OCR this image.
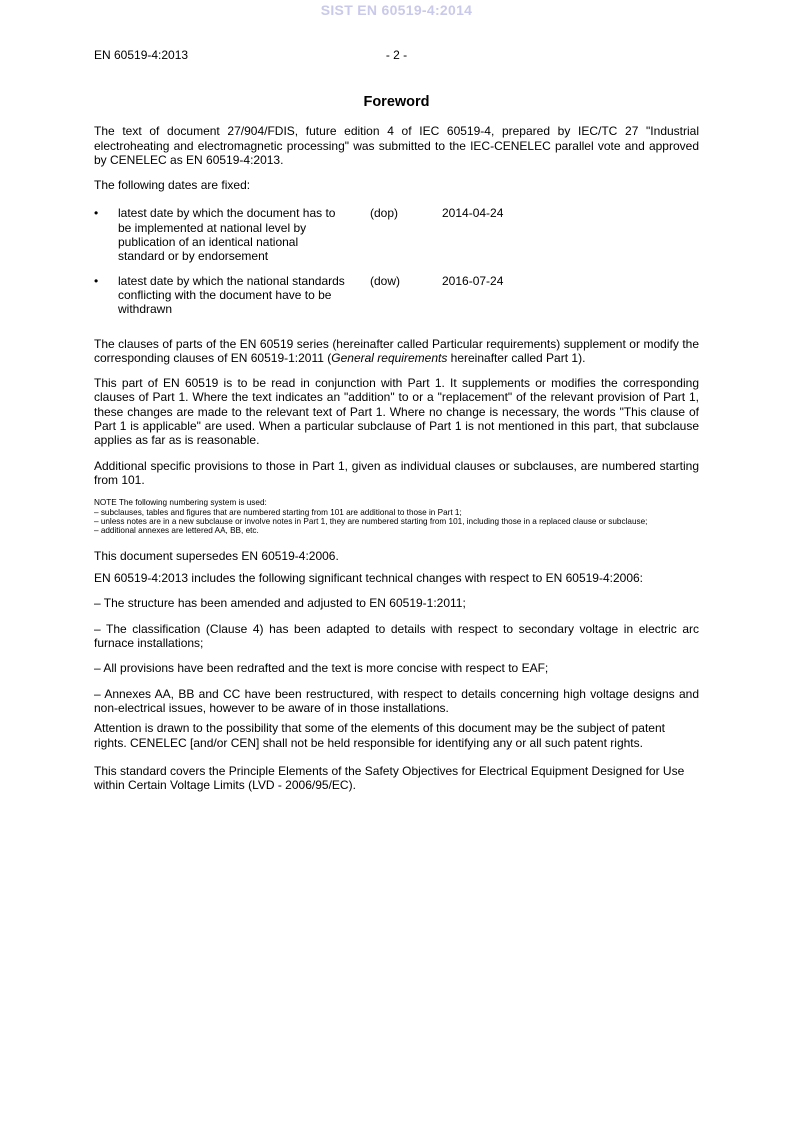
SIST EN 60519-4:2014
EN 60519-4:2013	- 2 -
Foreword

The text of document 27/904/FDIS, future edition 4 of IEC 60519-4, prepared by IEC/TC 27 "Industrial electroheating and electromagnetic processing" was submitted to the IEC-CENELEC parallel vote and approved by CENELEC as EN 60519-4:2013.

The following dates are fixed:

• latest date by which the document has to be implemented at national level by publication of an identical national standard or by endorsement
(dop)	2014-04-24
• latest date by which the national standards conflicting with the document have to be withdrawn
(dow)	2016-07-24

The clauses of parts of the EN 60519 series (hereinafter called Particular requirements) supplement or modify the corresponding clauses of EN 60519-1:2011 (General requirements hereinafter called Part 1).

This part of EN 60519 is to be read in conjunction with Part 1. It supplements or modifies the corresponding clauses of Part 1. Where the text indicates an "addition" to or a "replacement" of the relevant provision of Part 1, these changes are made to the relevant text of Part 1. Where no change is necessary, the words "This clause of Part 1 is applicable" are used. When a particular subclause of Part 1 is not mentioned in this part, that subclause applies as far as is reasonable.

Additional specific provisions to those in Part 1, given as individual clauses or subclauses, are numbered starting from 101.

NOTE The following numbering system is used:
– subclauses, tables and figures that are numbered starting from 101 are additional to those in Part 1;
– unless notes are in a new subclause or involve notes in Part 1, they are numbered starting from 101, including those in a replaced clause or subclause;
– additional annexes are lettered AA, BB, etc.

This document supersedes EN 60519-4:2006.

EN 60519-4:2013 includes the following significant technical changes with respect to EN 60519-4:2006:

– The structure has been amended and adjusted to EN 60519-1:2011;

– The classification (Clause 4) has been adapted to details with respect to secondary voltage in electric arc furnace installations;

– All provisions have been redrafted and the text is more concise with respect to EAF;

– Annexes AA, BB and CC have been restructured, with respect to details concerning high voltage designs and non-electrical issues, however to be aware of in those installations.

Attention is drawn to the possibility that some of the elements of this document may be the subject of patent rights. CENELEC [and/or CEN] shall not be held responsible for identifying any or all such patent rights.

This standard covers the Principle Elements of the Safety Objectives for Electrical Equipment Designed for Use within Certain Voltage Limits (LVD - 2006/95/EC).
